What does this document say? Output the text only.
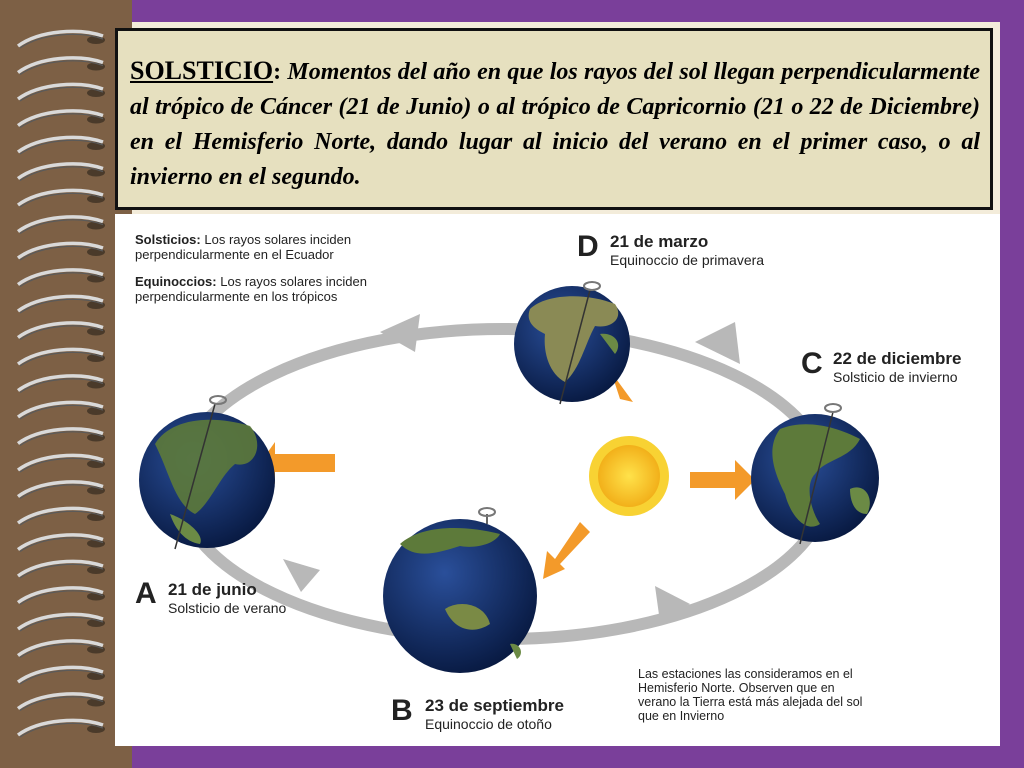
SOLSTICIO: Momentos del año en que los rayos del sol llegan perpendicularmente al trópico de Cáncer (21 de Junio) o al trópico de Capricornio (21 o 22 de Diciembre) en el Hemisferio Norte, dando lugar al inicio del verano en el primer caso, o al invierno en el segundo.
Solsticios: Los rayos solares inciden
perpendicularmente en el Ecuador
Equinoccios: Los rayos solares inciden
perpendicularmente en los trópicos
D 21 de marzo
Equinoccio de primavera
C 22 de diciembre
Solsticio de invierno
A 21 de junio
Solsticio de verano
B 23 de septiembre
Equinoccio de otoño
Las estaciones las consideramos en el
Hemisferio Norte. Observen que en
verano la Tierra está más alejada del sol
que en Invierno
